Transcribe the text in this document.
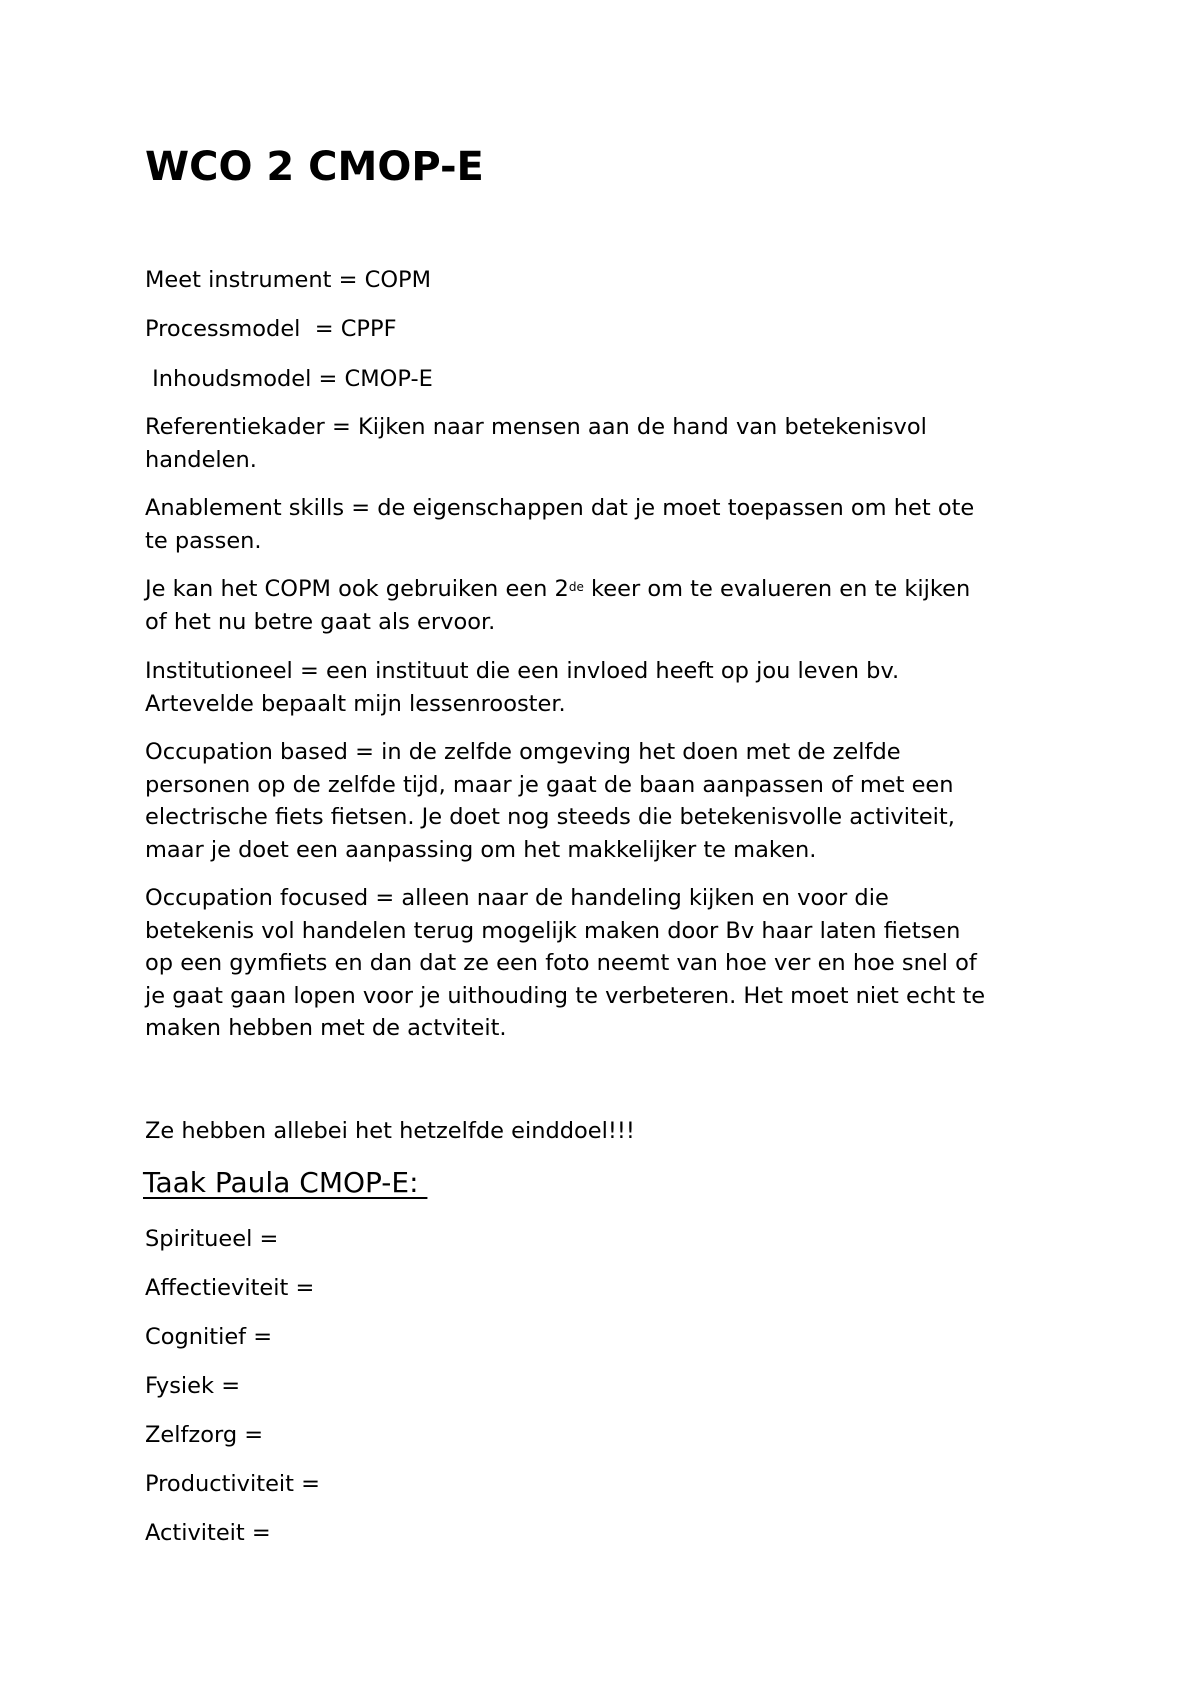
WCO 2 CMOP-E

Meet instrument = COPM

Processmodel  = CPPF

Inhoudsmodel = CMOP-E

Referentiekader = Kijken naar mensen aan de hand van betekenisvol
handelen.

Anablement skills = de eigenschappen dat je moet toepassen om het ote
te passen.

Je kan het COPM ook gebruiken een 2de keer om te evalueren en te kijken
of het nu betre gaat als ervoor.

Institutioneel = een instituut die een invloed heeft op jou leven bv.
Artevelde bepaalt mijn lessenrooster.

Occupation based = in de zelfde omgeving het doen met de zelfde
personen op de zelfde tijd, maar je gaat de baan aanpassen of met een
electrische fiets fietsen. Je doet nog steeds die betekenisvolle activiteit,
maar je doet een aanpassing om het makkelijker te maken.

Occupation focused = alleen naar de handeling kijken en voor die
betekenis vol handelen terug mogelijk maken door Bv haar laten fietsen
op een gymfiets en dan dat ze een foto neemt van hoe ver en hoe snel of
je gaat gaan lopen voor je uithouding te verbeteren. Het moet niet echt te
maken hebben met de actviteit.

Ze hebben allebei het hetzelfde einddoel!!!

Taak Paula CMOP-E:

Spiritueel =

Affectieviteit =

Cognitief =

Fysiek =

Zelfzorg =

Productiviteit =

Activiteit =
